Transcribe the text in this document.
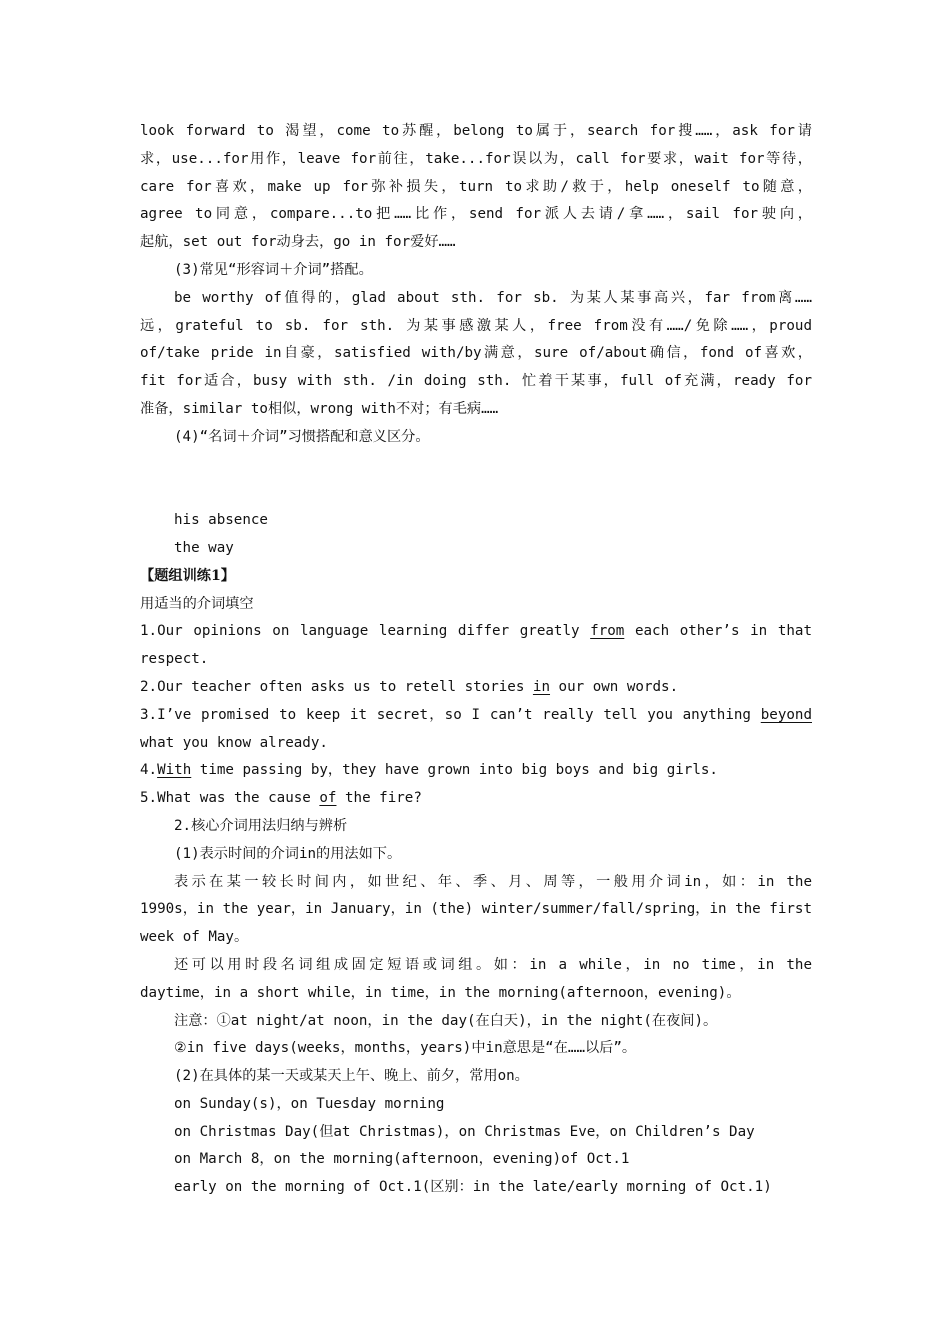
look forward to 渴望，come to苏醒，belong to属于，search for搜……，ask for请
求，use...for用作，leave for前往，take...for误以为，call for要求，wait for等待，
care for喜欢，make up for弥补损失，turn to求助/救于，help oneself to随意，
agree to同意，compare...to把……比作，send for派人去请/拿……，sail for驶向，
起航，set out for动身去，go in for爱好……
(3)常见“形容词＋介词”搭配。
be worthy of值得的，glad about sth. for sb. 为某人某事高兴，far from离……
远，grateful to sb. for sth. 为某事感激某人，free from没有……/免除……，proud
of/take pride in自豪，satisfied with/by满意，sure of/about确信，fond of喜欢，
fit for适合，busy with sth. /in doing sth. 忙着干某事，full of充满，ready for
准备，similar to相似，wrong with不对；有毛病……
(4)“名词＋介词”习惯搭配和意义区分。
his absence
the way
【题组训练1】
用适当的介词填空
1.Our opinions on language learning differ greatly from each other’s in that
respect.
2.Our teacher often asks us to retell stories in our own words.
3.I’ve promised to keep it secret，so I can’t really tell you anything beyond
what you know already.
4.With time passing by，they have grown into big boys and big girls.
5.What was the cause of the fire?
2.核心介词用法归纳与辨析
(1)表示时间的介词in的用法如下。
表示在某一较长时间内，如世纪、年、季、月、周等，一般用介词in，如：in the
1990s，in the year，in January，in (the) winter/summer/fall/spring，in the first
week of May。
还可以用时段名词组成固定短语或词组。如：in a while，in no time，in the
daytime，in a short while，in time，in the morning(afternoon，evening)。
注意：①at night/at noon，in the day(在白天)，in the night(在夜间)。
②in five days(weeks，months，years)中in意思是“在……以后”。
(2)在具体的某一天或某天上午、晚上、前夕，常用on。
on Sunday(s)，on Tuesday morning
on Christmas Day(但at Christmas)，on Christmas Eve，on Children’s Day
on March 8，on the morning(afternoon，evening)of Oct.1
early on the morning of Oct.1(区别：in the late/early morning of Oct.1)
